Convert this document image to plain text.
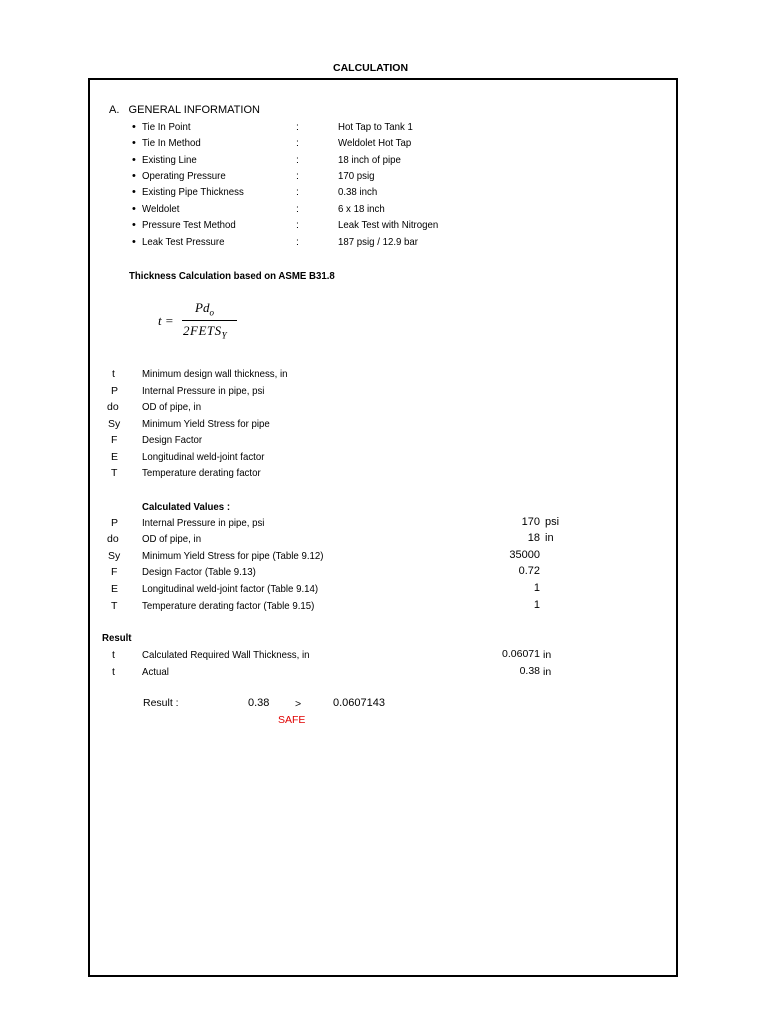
CALCULATION
A.   GENERAL INFORMATION
• Tie In Point	:	Hot Tap to Tank 1
• Tie In Method	:	Weldolet Hot Tap
• Existing Line	:	18 inch of pipe
• Operating Pressure	:	170 psig
• Existing Pipe Thickness	:	0.38 inch
• Weldolet	:	6 x 18 inch
• Pressure Test Method	:	Leak Test with Nitrogen
• Leak Test Pressure	:	187 psig / 12.9 bar
Thickness Calculation based on ASME B31.8
t =
$Pd_o$
$2FETS_Y$
t	Minimum design wall thickness, in
P Internal Pressure in pipe, psi
do OD of pipe, in
Sy Minimum Yield Stress for pipe
F Design Factor
E Longitudinal weld-joint factor
T Temperature derating factor
Calculated Values :
P Internal Pressure in pipe, psi	170 psi
do OD of pipe, in	18 in
Sy Minimum Yield Stress for pipe (Table 9.12)	35000
F Design Factor (Table 9.13)	0.72
E Longitudinal weld-joint factor (Table 9.14)	1
T Temperature derating factor (Table 9.15)	1
Result
t	Calculated Required Wall Thickness, in	0.06071 in
t	Actual	0.38 in
Result :	0.38 >	0.0607143
SAFE
